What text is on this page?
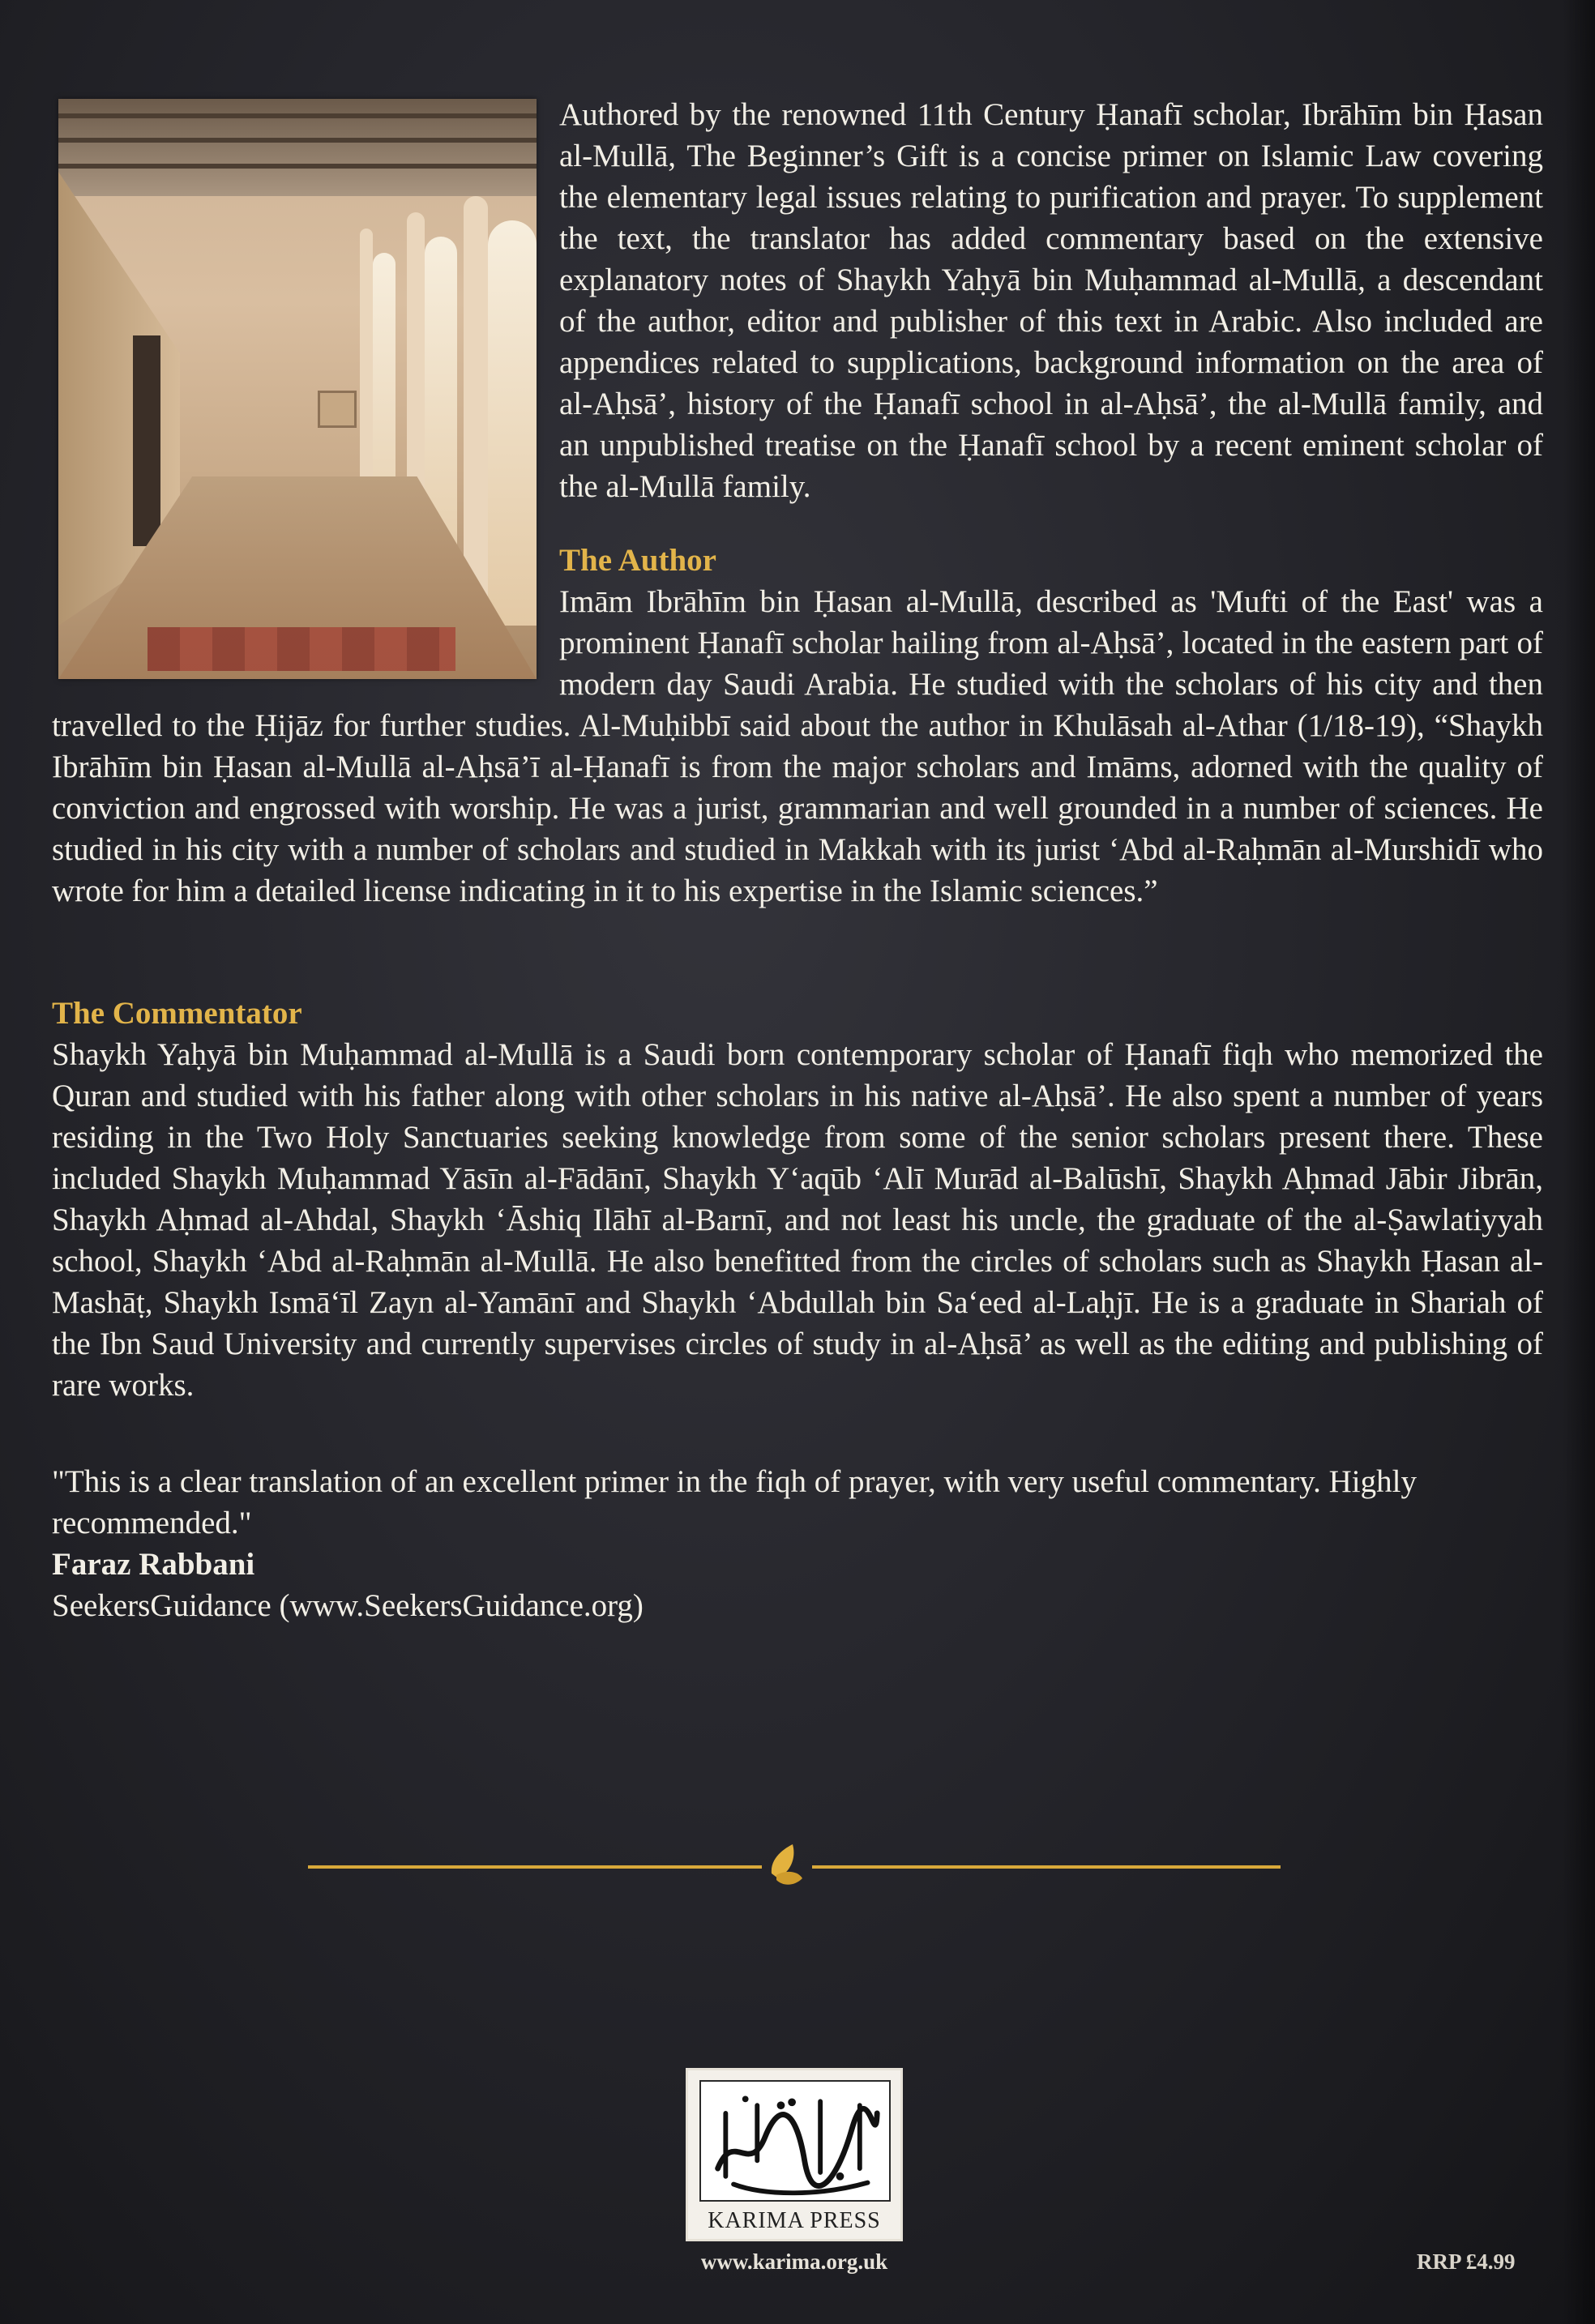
Authored by the renowned 11th Century Ḥanafī scholar, Ibrāhīm bin Ḥasan al-Mullā, The Beginner’s Gift is a concise primer on Islamic Law covering the elementary legal issues relating to purification and prayer. To supplement the text, the translator has added commentary based on the extensive explanatory notes of Shaykh Yaḥyā bin Muḥammad al-Mullā, a descendant of the author, editor and publisher of this text in Arabic. Also included are appendices related to supplications, background information on the area of al-Aḥsā’, history of the Ḥanafī school in al-Aḥsā’, the al-Mullā family, and an unpublished treatise on the Ḥanafī school by a recent eminent scholar of the al-Mullā family.

The Author

Imām Ibrāhīm bin Ḥasan al-Mullā, described as 'Mufti of the East' was a prominent Ḥanafī scholar hailing from al-Aḥsā’, located in the eastern part of modern day Saudi Arabia. He studied with the scholars of his city and then travelled to the Ḥijāz for further studies. Al-Muḥibbī said about the author in Khulāsah al-Athar (1/18-19), “Shaykh Ibrāhīm bin Ḥasan al-Mullā al-Aḥsā’ī al-Ḥanafī is from the major scholars and Imāms, adorned with the quality of conviction and engrossed with worship. He was a jurist, grammarian and well grounded in a number of sciences. He studied in his city with a number of scholars and studied in Makkah with its jurist ‘Abd al-Raḥmān al-Murshidī who wrote for him a detailed license indicating in it to his expertise in the Islamic sciences.”

The Commentator

Shaykh Yaḥyā bin Muḥammad al-Mullā is a Saudi born contemporary scholar of Ḥanafī fiqh who memorized the Quran and studied with his father along with other scholars in his native al-Aḥsā’. He also spent a number of years residing in the Two Holy Sanctuaries seeking knowledge from some of the senior scholars present there. These included Shaykh Muḥammad Yāsīn al-Fādānī, Shaykh Y‘aqūb ‘Alī Murād al-Balūshī, Shaykh Aḥmad Jābir Jibrān, Shaykh Aḥmad al-Ahdal, Shaykh ‘Āshiq Ilāhī al-Barnī, and not least his uncle, the graduate of the al-Ṣawlatiyyah school, Shaykh ‘Abd al-Raḥmān al-Mullā. He also benefitted from the circles of scholars such as Shaykh Ḥasan al-Mashāṭ, Shaykh Ismā‘īl Zayn al-Yamānī and Shaykh ‘Abdullah bin Sa‘eed al-Laḥjī. He is a graduate in Shariah of the Ibn Saud University and currently supervises circles of study in al-Aḥsā’ as well as the editing and publishing of rare works.

"This is a clear translation of an excellent primer in the fiqh of prayer, with very useful commentary. Highly recommended."

Faraz Rabbani

SeekersGuidance (www.SeekersGuidance.org)

KARIMA PRESS
www.karima.org.uk	RRP £4.99
